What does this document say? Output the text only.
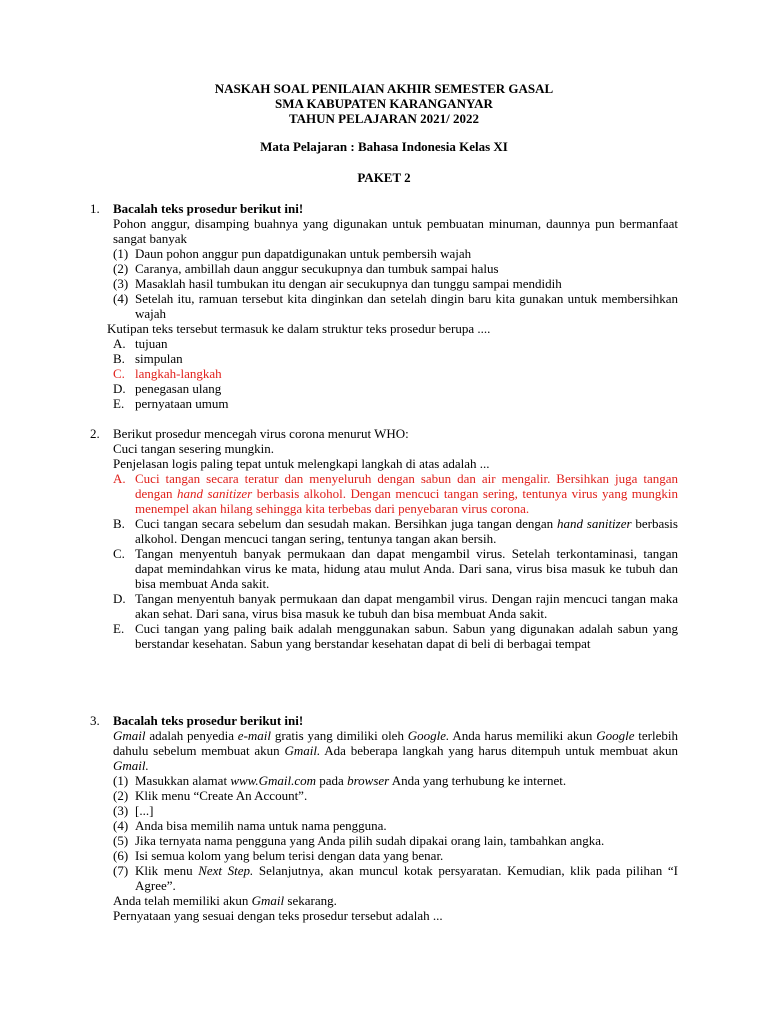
NASKAH SOAL PENILAIAN AKHIR SEMESTER GASAL
SMA KABUPATEN KARANGANYAR
TAHUN PELAJARAN 2021/ 2022
Mata Pelajaran : Bahasa Indonesia Kelas XI
PAKET 2
1.	Bacalah teks prosedur berikut ini!
Pohon anggur, disamping buahnya yang digunakan untuk pembuatan minuman, daunnya pun bermanfaat sangat banyak
(1) Daun pohon anggur pun dapatdigunakan untuk pembersih wajah
(2) Caranya, ambillah daun anggur secukupnya dan tumbuk sampai halus
(3) Masaklah hasil tumbukan itu dengan air secukupnya dan tunggu sampai mendidih
(4) Setelah itu, ramuan tersebut kita dinginkan dan setelah dingin baru kita gunakan untuk membersihkan wajah
Kutipan teks tersebut termasuk ke dalam struktur teks prosedur berupa ....
A. tujuan
B. simpulan
C. langkah-langkah
D. penegasan ulang
E. pernyataan umum
2.	Berikut prosedur mencegah virus corona menurut WHO:
Cuci tangan sesering mungkin.
Penjelasan logis paling tepat untuk melengkapi langkah di atas adalah ...
A. Cuci tangan secara teratur dan menyeluruh dengan sabun dan air mengalir. Bersihkan juga tangan dengan hand sanitizer berbasis alkohol. Dengan mencuci tangan sering, tentunya virus yang mungkin menempel akan hilang sehingga kita terbebas dari penyebaran virus corona.
B. Cuci tangan secara sebelum dan sesudah makan. Bersihkan juga tangan dengan hand sanitizer berbasis alkohol. Dengan mencuci tangan sering, tentunya tangan akan bersih.
C. Tangan menyentuh banyak permukaan dan dapat mengambil virus. Setelah terkontaminasi, tangan dapat memindahkan virus ke mata, hidung atau mulut Anda. Dari sana, virus bisa masuk ke tubuh dan bisa membuat Anda sakit.
D. Tangan menyentuh banyak permukaan dan dapat mengambil virus. Dengan rajin mencuci tangan maka akan sehat. Dari sana, virus bisa masuk ke tubuh dan bisa membuat Anda sakit.
E. Cuci tangan yang paling baik adalah menggunakan sabun. Sabun yang digunakan adalah sabun yang berstandar kesehatan. Sabun yang berstandar kesehatan dapat di beli di berbagai tempat
3.	Bacalah teks prosedur berikut ini!
Gmail adalah penyedia e-mail gratis yang dimiliki oleh Google. Anda harus memiliki akun Google terlebih dahulu sebelum membuat akun Gmail. Ada beberapa langkah yang harus ditempuh untuk membuat akun Gmail.
(1) Masukkan alamat www.Gmail.com pada browser Anda yang terhubung ke internet.
(2) Klik menu “Create An Account”.
(3) [...]
(4) Anda bisa memilih nama untuk nama pengguna.
(5) Jika ternyata nama pengguna yang Anda pilih sudah dipakai orang lain, tambahkan angka.
(6) Isi semua kolom yang belum terisi dengan data yang benar.
(7) Klik menu Next Step. Selanjutnya, akan muncul kotak persyaratan. Kemudian, klik pada pilihan “I Agree”.
Anda telah memiliki akun Gmail sekarang.
Pernyataan yang sesuai dengan teks prosedur tersebut adalah ...
